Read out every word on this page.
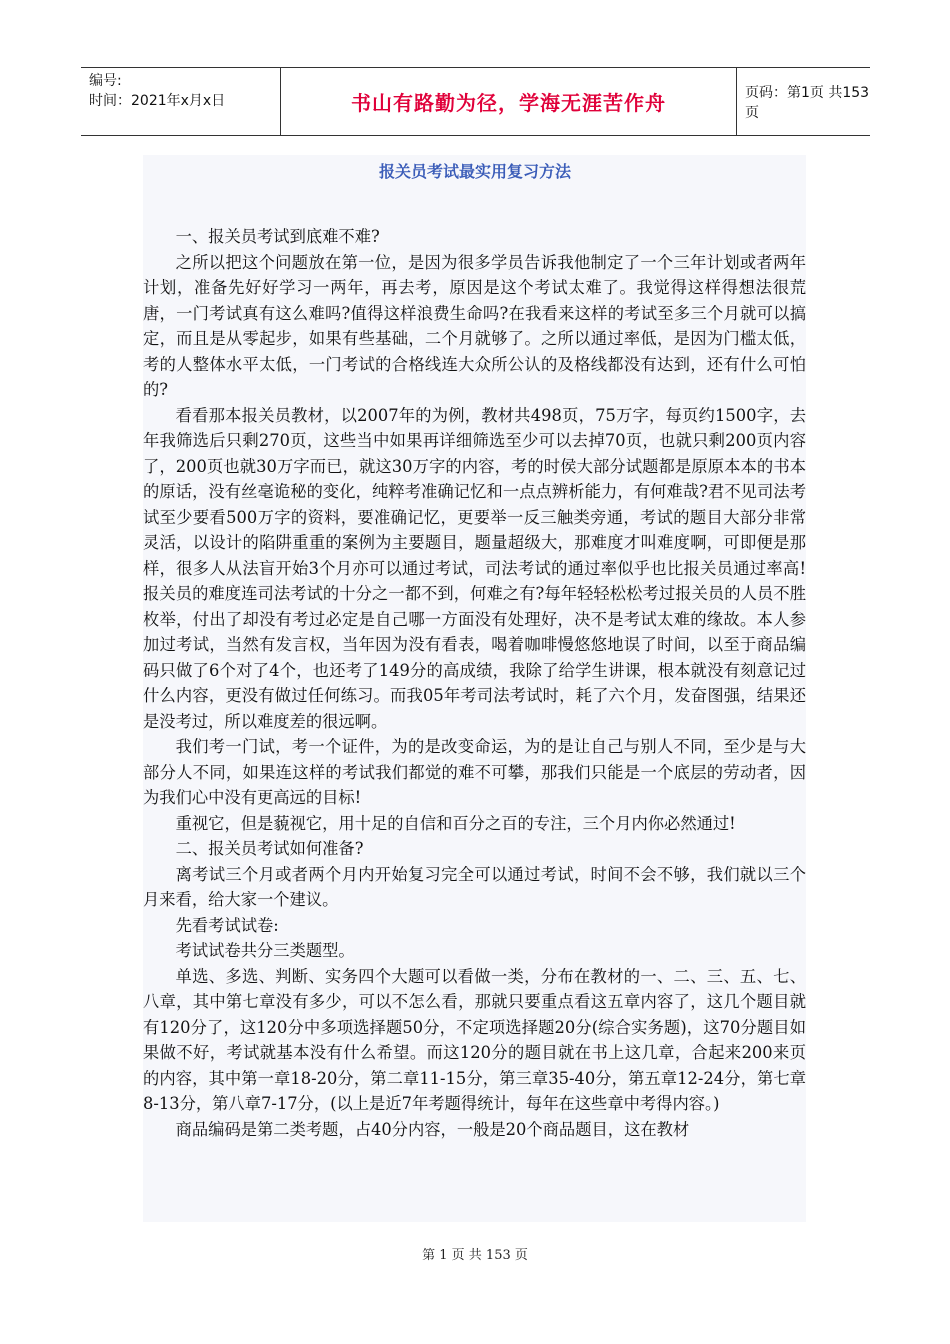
编号:
时间：2021年x月x日	书山有路勤为径，学海无涯苦作舟	页码：第1页 共153页
报关员考试最实用复习方法

一、报关员考试到底难不难?

之所以把这个问题放在第一位，是因为很多学员告诉我他制定了一个三年计划或者两年计划，准备先好好学习一两年，再去考，原因是这个考试太难了。我觉得这样得想法很荒唐，一门考试真有这么难吗?值得这样浪费生命吗?在我看来这样的考试至多三个月就可以搞定，而且是从零起步，如果有些基础，二个月就够了。之所以通过率低，是因为门槛太低，考的人整体水平太低，一门考试的合格线连大众所公认的及格线都没有达到，还有什么可怕的?

看看那本报关员教材，以2007年的为例，教材共498页，75万字，每页约1500字，去年我筛选后只剩270页，这些当中如果再详细筛选至少可以去掉70页，也就只剩200页内容了，200页也就30万字而已，就这30万字的内容，考的时侯大部分试题都是原原本本的书本的原话，没有丝毫诡秘的变化，纯粹考准确记忆和一点点辨析能力，有何难哉?君不见司法考试至少要看500万字的资料，要准确记忆，更要举一反三触类旁通，考试的题目大部分非常灵活，以设计的陷阱重重的案例为主要题目，题量超级大，那难度才叫难度啊，可即便是那样，很多人从法盲开始3个月亦可以通过考试，司法考试的通过率似乎也比报关员通过率高!报关员的难度连司法考试的十分之一都不到，何难之有?每年轻轻松松考过报关员的人员不胜枚举，付出了却没有考过必定是自己哪一方面没有处理好，决不是考试太难的缘故。本人参加过考试，当然有发言权，当年因为没有看表，喝着咖啡慢悠悠地误了时间，以至于商品编码只做了6个对了4个，也还考了149分的高成绩，我除了给学生讲课，根本就没有刻意记过什么内容，更没有做过任何练习。而我05年考司法考试时，耗了六个月，发奋图强，结果还是没考过，所以难度差的很远啊。

我们考一门试，考一个证件，为的是改变命运，为的是让自己与别人不同，至少是与大部分人不同，如果连这样的考试我们都觉的难不可攀，那我们只能是一个底层的劳动者，因为我们心中没有更高远的目标!

重视它，但是藐视它，用十足的自信和百分之百的专注，三个月内你必然通过!

二、报关员考试如何准备?

离考试三个月或者两个月内开始复习完全可以通过考试，时间不会不够，我们就以三个月来看，给大家一个建议。

先看考试试卷:

考试试卷共分三类题型。

单选、多选、判断、实务四个大题可以看做一类，分布在教材的一、二、三、五、七、八章，其中第七章没有多少，可以不怎么看，那就只要重点看这五章内容了，这几个题目就有120分了，这120分中多项选择题50分，不定项选择题20分(综合实务题)，这70分题目如果做不好，考试就基本没有什么希望。而这120分的题目就在书上这几章，合起来200来页的内容，其中第一章18-20分，第二章11-15分，第三章35-40分，第五章12-24分，第七章8-13分，第八章7-17分，(以上是近7年考题得统计，每年在这些章中考得内容。)

商品编码是第二类考题，占40分内容，一般是20个商品题目，这在教材

第 1 页 共 153 页
